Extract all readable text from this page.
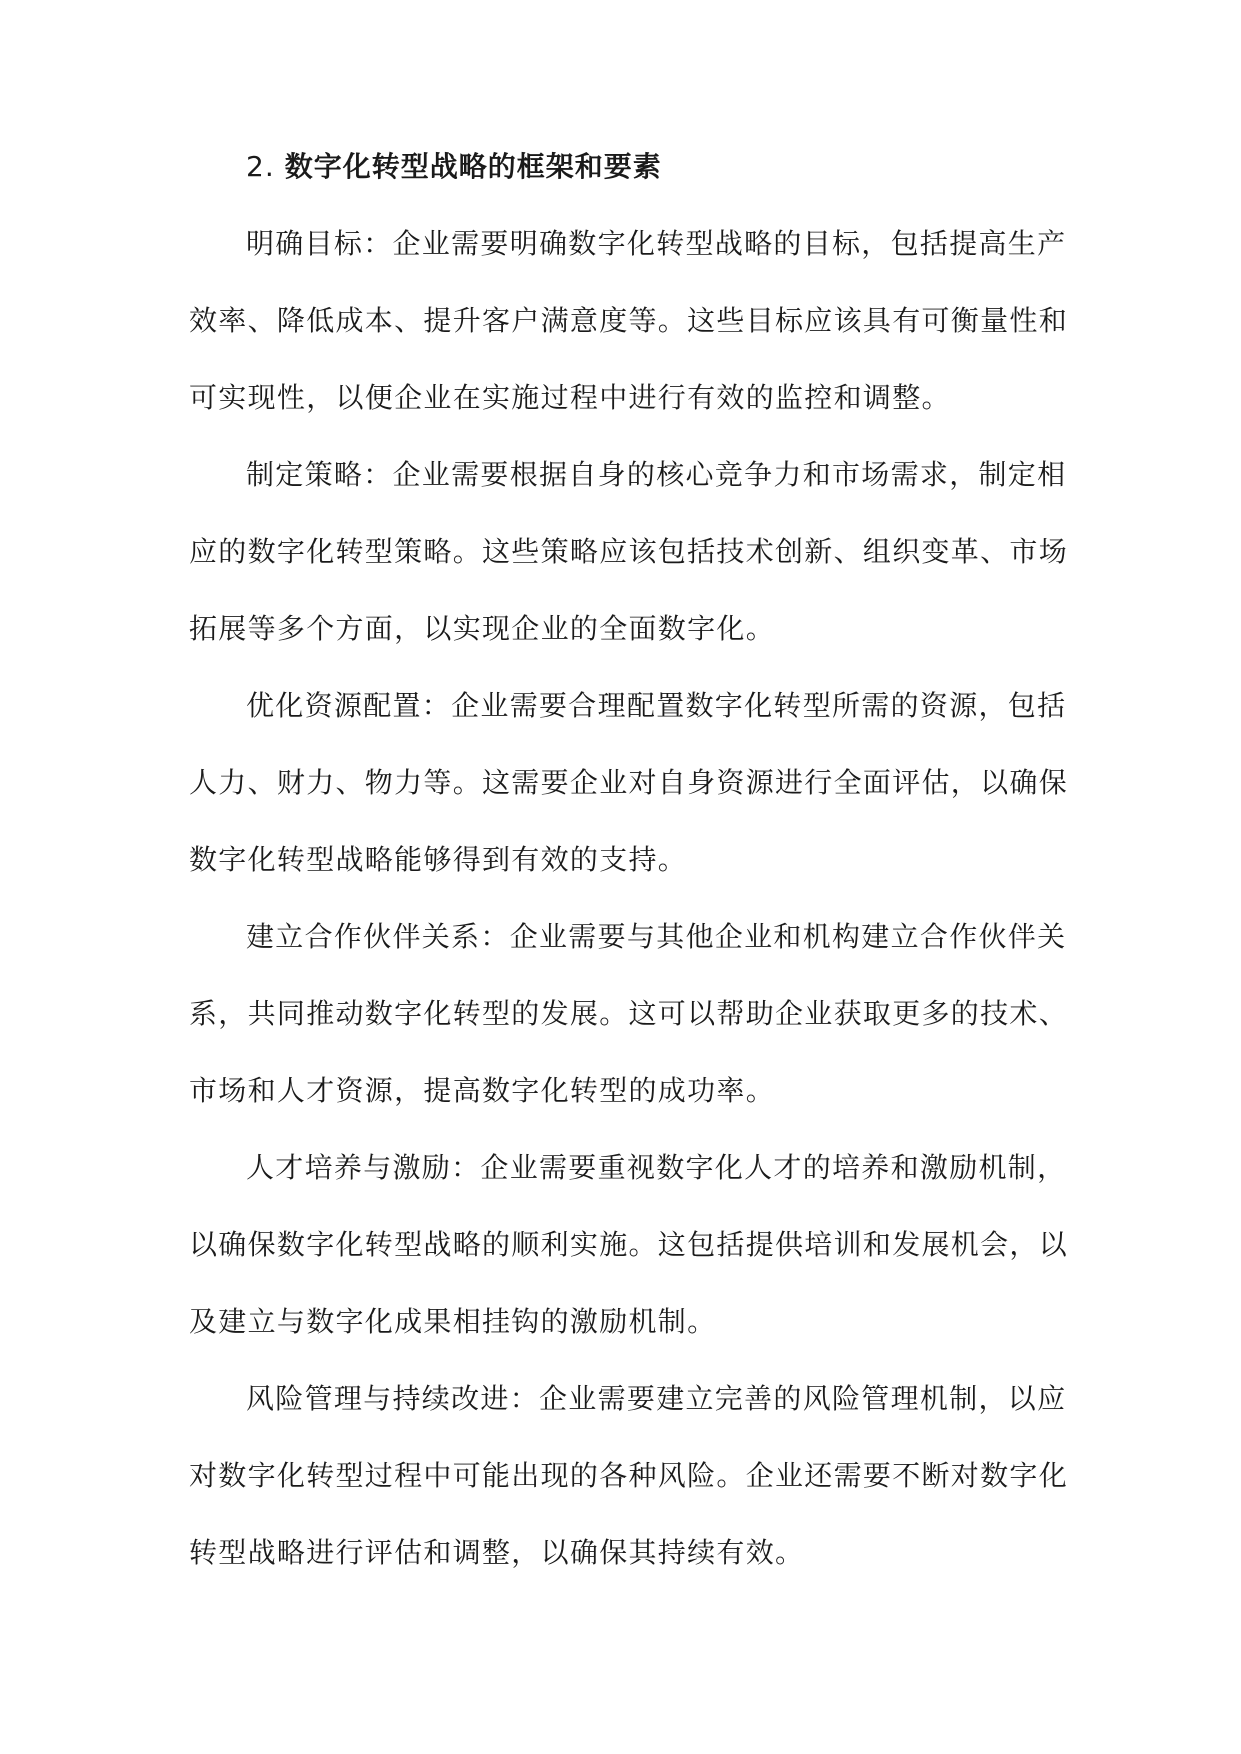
2. 数字化转型战略的框架和要素
明确目标：企业需要明确数字化转型战略的目标，包括提高生产
效率、降低成本、提升客户满意度等。这些目标应该具有可衡量性和
可实现性，以便企业在实施过程中进行有效的监控和调整。
制定策略：企业需要根据自身的核心竞争力和市场需求，制定相
应的数字化转型策略。这些策略应该包括技术创新、组织变革、市场
拓展等多个方面，以实现企业的全面数字化。
优化资源配置：企业需要合理配置数字化转型所需的资源，包括
人力、财力、物力等。这需要企业对自身资源进行全面评估，以确保
数字化转型战略能够得到有效的支持。
建立合作伙伴关系：企业需要与其他企业和机构建立合作伙伴关
系，共同推动数字化转型的发展。这可以帮助企业获取更多的技术、
市场和人才资源，提高数字化转型的成功率。
人才培养与激励：企业需要重视数字化人才的培养和激励机制，
以确保数字化转型战略的顺利实施。这包括提供培训和发展机会，以
及建立与数字化成果相挂钩的激励机制。
风险管理与持续改进：企业需要建立完善的风险管理机制，以应
对数字化转型过程中可能出现的各种风险。企业还需要不断对数字化
转型战略进行评估和调整，以确保其持续有效。
